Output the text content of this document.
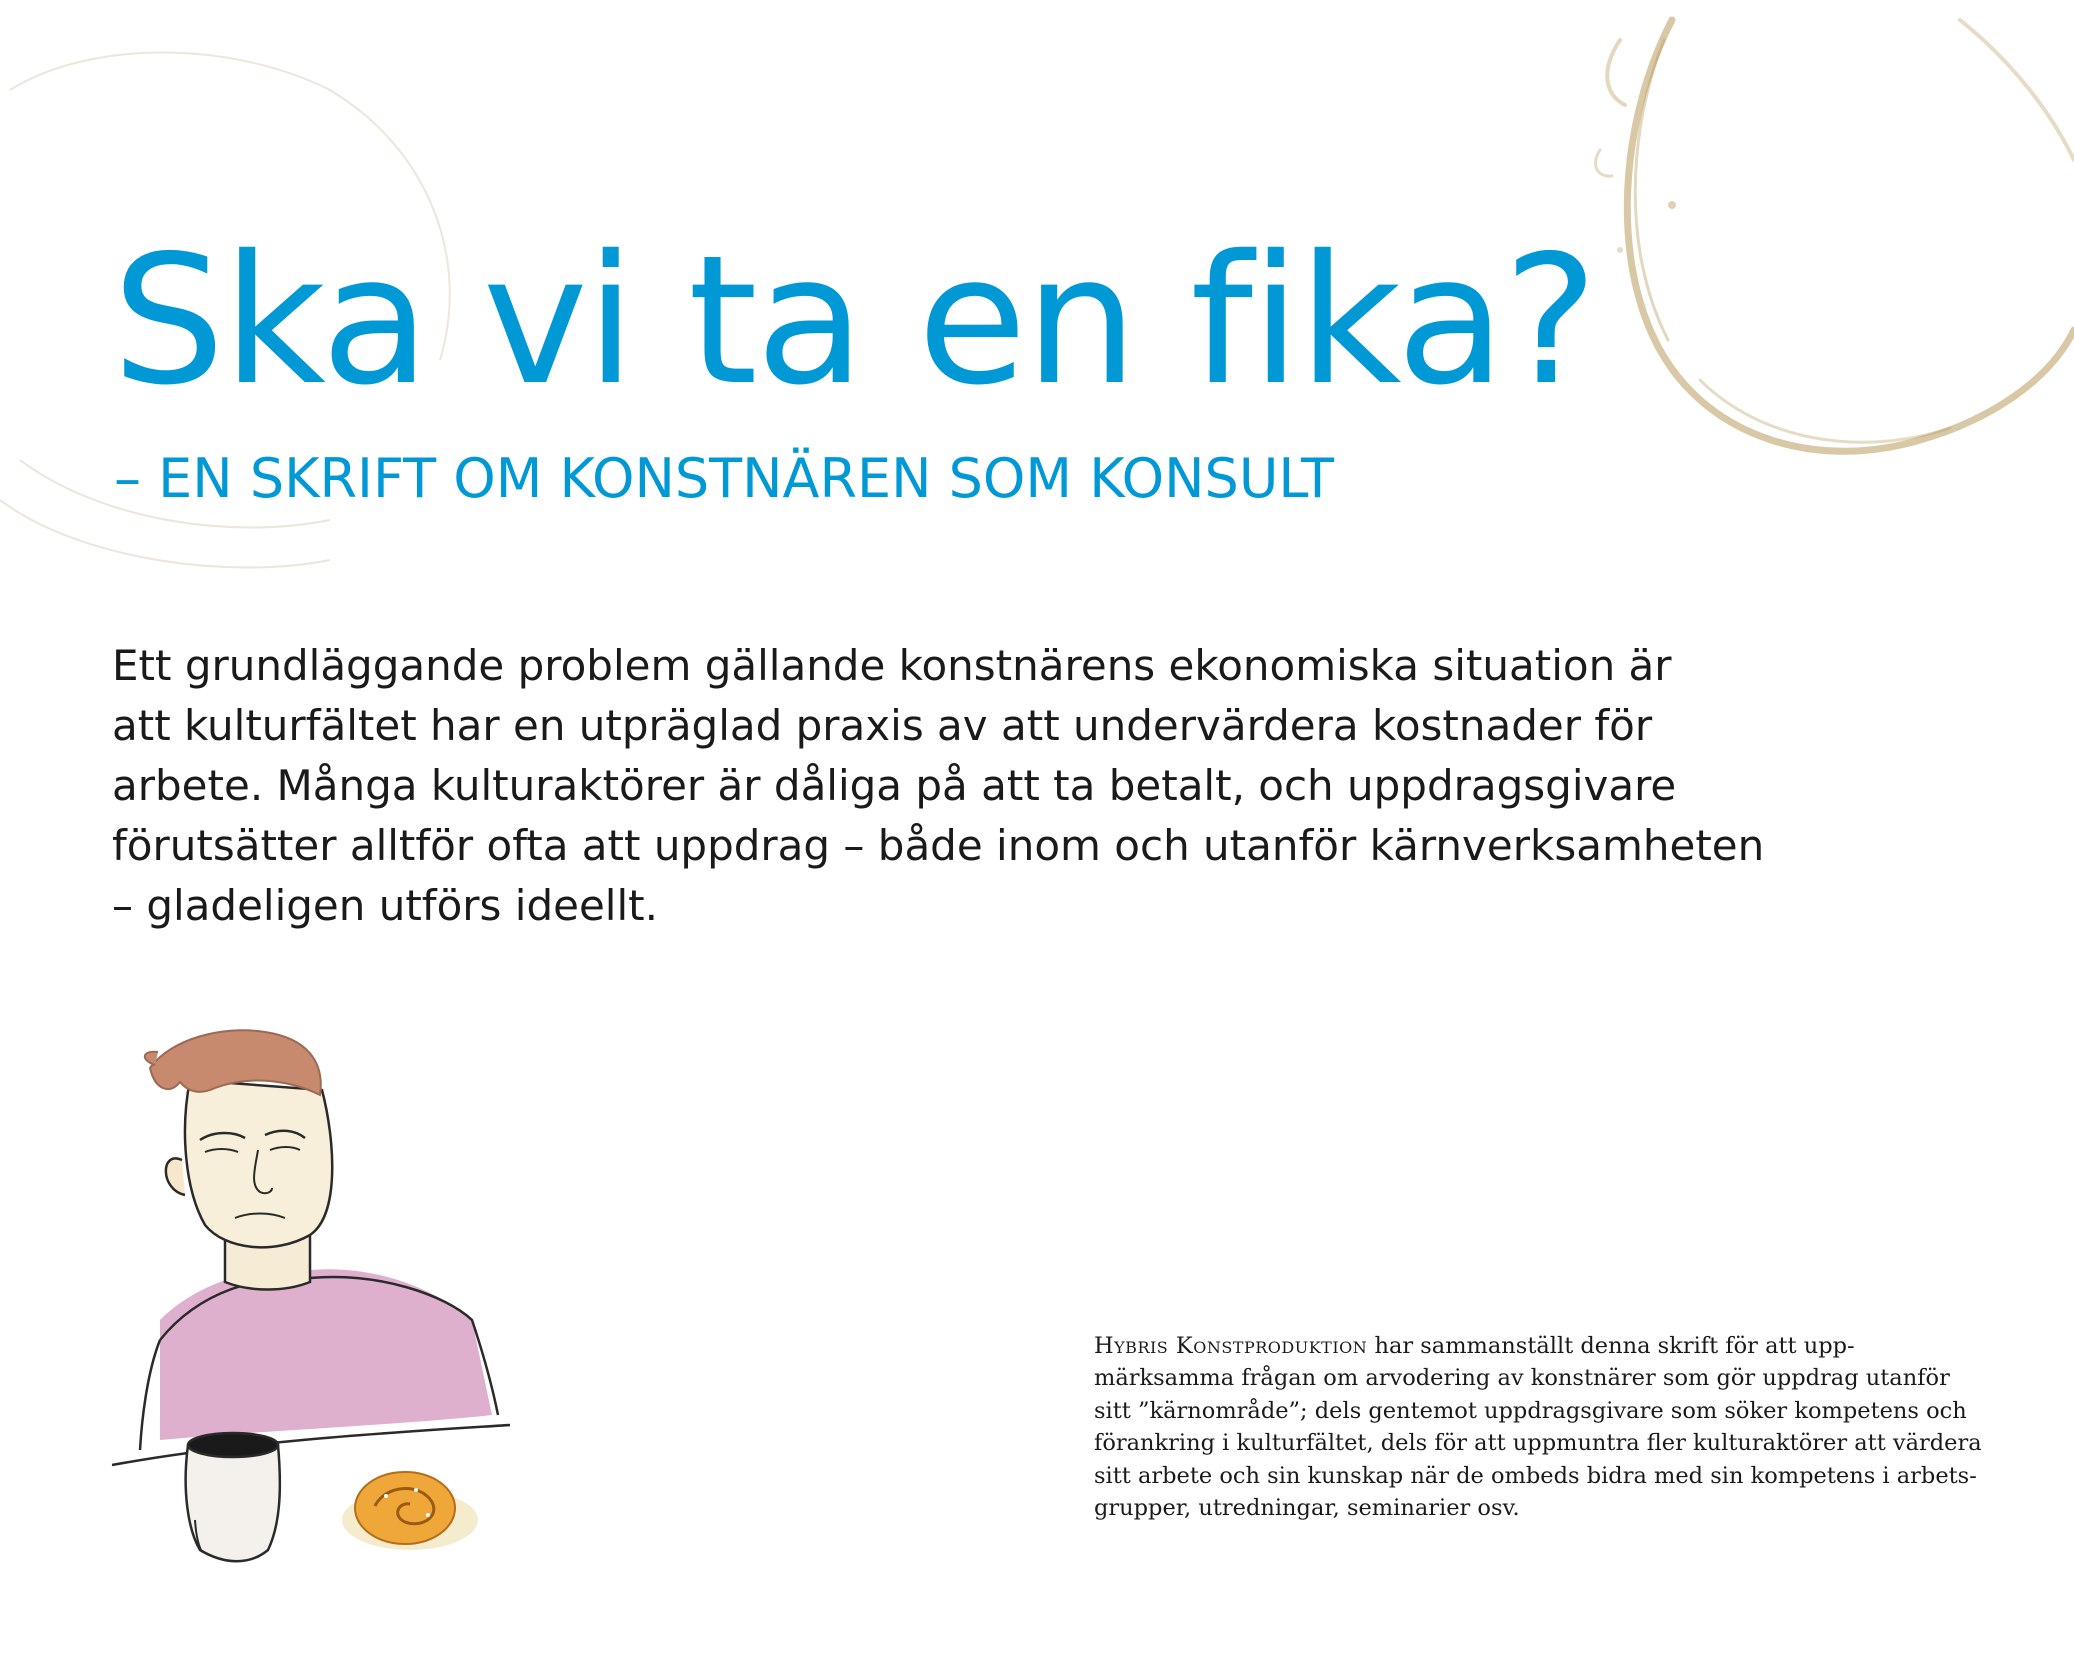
Ska vi ta en fika?
– EN SKRIFT OM KONSTNÄREN SOM KONSULT

Ett grundläggande problem gällande konstnärens ekonomiska situation är
att kulturfältet har en utpräglad praxis av att undervärdera kostnader för
arbete. Många kulturaktörer är dåliga på att ta betalt, och uppdragsgivare
förutsätter alltför ofta att uppdrag – både inom och utanför kärnverksamheten
– gladeligen utförs ideellt.

Hybris Konstproduktion har sammanställt denna skrift för att upp-
märksamma frågan om arvodering av konstnärer som gör uppdrag utanför
sitt ”kärnområde”; dels gentemot uppdragsgivare som söker kompetens och
förankring i kulturfältet, dels för att uppmuntra fler kulturaktörer att värdera
sitt arbete och sin kunskap när de ombeds bidra med sin kompetens i arbets-
grupper, utredningar, seminarier osv.
